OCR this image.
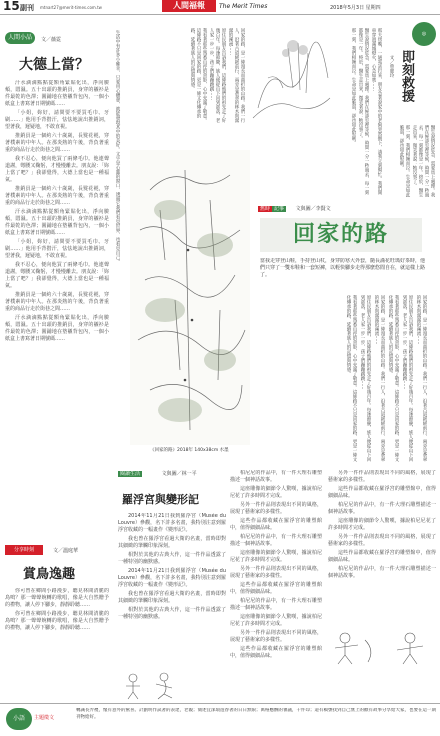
15 副刊 mtnart27@merit-times.com.tw	人間福報	The Merit Times	2018年5月3日 星期四
人間小品	文／薇霓
大德上當？

汗水滴滴點點從額角緊貼化出，淨向臉頰，悶濕。五十出頭的推銷員，身穿的襯衫是件最乾的色澤；圍鋪地在墊襯背包內，一個小紙盒上書寫著日期號碼……

「小姐，妳好，請問要不要買毛巾、牙刷……」他用手背揩汗，怯怯地說出推銷詞，望著我，遲疑地，不敢直視。

推銷員是一個約六十歲歲，長髮花褪，穿著樸素的中年人。在那炎熱的午後，背負著重重的商品行走於街巷之間……

我不忍心，便向他買了兩條毛巾。他連聲道謝，彎腰又鞠躬，才慢慢離去。朋友說：「妳上當了吧？」我卻覺得，大德上當也是一種福氣。

推銷員是一個約六十歲歲，長髮花褪，穿著樸素的中年人。在那炎熱的午後，背負著重重的商品行走於街巷之間……

汗水滴滴點點從額角緊貼化出，淨向臉頰，悶濕。五十出頭的推銷員，身穿的襯衫是件最乾的色澤；圍鋪地在墊襯背包內，一個小紙盒上書寫著日期號碼……

「小姐，妳好，請問要不要買毛巾、牙刷……」他用手背揩汗，怯怯地說出推銷詞，望著我，遲疑地，不敢直視。

我不忍心，便向他買了兩條毛巾。他連聲道謝，彎腰又鞠躬，才慢慢離去。朋友說：「妳上當了吧？」我卻覺得，大德上當也是一種福氣。

推銷員是一個約六十歲歲，長髮花褪，穿著樸素的中年人。在那炎熱的午後，背負著重重的商品行走於街巷之間……

汗水滴滴點點從額角緊貼化出，淨向臉頰，悶濕。五十出頭的推銷員，身穿的襯衫是件最乾的色澤；圍鋪地在墊襯背包內，一個小紙盒上書寫著日期號碼……

分享時刻	文／溫庭華
賞鳥逸趣

你可曾在鄉間小路漫步，聽見林間清脆的鳥鳴？那一聲聲婉轉的歌唱，像是大自然贈予的禮物，讓人停下腳步，靜靜聆聽……

你可曾在鄉間小路漫步，聽見林間清脆的鳥鳴？那一聲聲婉轉的歌唱，像是大自然贈予的禮物，讓人停下腳步，靜靜聆聽……

生活中有許多小確幸，只要用心體會，就能發現其中的美好。文字是心靈的窗口，透過它我們看見世界，也看見自己。	回家的路，是一條漫長而曲折的山路。我們一行人，沿著古道緩緩前行，兩旁是蒼翠的林木與潺潺的溪流……
原住民朋友告訴我們，這條路他們的祖先走了好幾百年。每逢節慶，族人便從山下回到部落，老人家一步一步，孩子們蹦蹦跳跳……
我看著那些熟悉山徑的背影，心中充滿了敬意。這條路不只是回家的路，更是一條文化傳承的路，延續著族人的記憶與情感。
舊時 記事 文與圖／李賢文
回家的路
當我走穿登山鞋，手持登山杖，身穿防寒大外套，隨長滿花旺瑪好茶時，他們只穿了一雙布鞋和一套短褲，以輕快腳步走得那麼悠閒自在，就這樣上路了。
回家的路，是一條漫長而曲折的山路。我們一行人，沿著古道緩緩前行，兩旁是蒼翠的林木與潺潺的溪流……
原住民朋友告訴我們，這條路他們的祖先走了好幾百年。每逢節慶，族人便從山下回到部落，老人家一步一步，孩子們蹦蹦跳跳……
我看著那些熟悉山徑的背影，心中充滿了敬意。這條路不只是回家的路，更是一條文化傳承的路，延續著族人的記憶與情感。
回家的路，是一條漫長而曲折的山路。我們一行人，沿著古道緩緩前行，兩旁是蒼翠的林木與潺潺的溪流……
原住民朋友告訴我們，這條路他們的祖先走了好幾百年。每逢節慶，族人便從山下回到部落，老人家一步一步，孩子們蹦蹦跳跳……
我看著那些熟悉山徑的背影，心中充滿了敬意。這條路不只是回家的路，更是一條文化傳承的路，延續著族人的記憶與情感。
《回家的路》2018年 140x38cm 水墨
◎
即刻救援
文／曾惠玲
那天傍晚，一通電話打來，朋友急著說家中的老狗突然倒下，請我立刻幫忙。我們開車穿過滿城燈火，心急如焚……
醫生說情況危急，需要馬上處理。我們在候診室裡等候，時間一分一秒過去，每一刻都像是一年。終於，醫生走出來，微笑著說：牠沒事了。
那一刻，我們相擁而泣。生命是如此脆弱，卻也如此堅韌。
醫生說情況危急，需要馬上處理。我們在候診室裡等候，時間一分一秒過去，每一刻都像是一年。終於，醫生走出來，微笑著說：牠沒事了。
那一刻，我們相擁而泣。生命是如此脆弱，卻也如此堅韌。
閱讀生活	文與圖／林一平
羅浮宮與變形記

2014年11月21日我到羅浮宮（Musée du Louvre）參觀，名下許多名畫，我特別注意到羅浮宮收藏的一幅畫作《變形記》。

我也曾在羅浮宮看過大衛的名畫，當時即對其細緻的筆觸印象深刻。

相對於其他的古典大作，這一件作品透露了一種特別的幽默感。

2014年11月21日我到羅浮宮（Musée du Louvre）參觀，名下許多名畫，我特別注意到羅浮宮收藏的一幅畫作《變形記》。

我也曾在羅浮宮看過大衛的名畫，當時即對其細緻的筆觸印象深刻。

相對於其他的古典大作，這一件作品透露了一種特別的幽默感。

柏尼尼的作品中，有一件大理石雕塑描述一個神話故事。

這座雕像的細節令人驚嘆，據說柏尼尼花了許多時間才完成。

另外一件作品則表現出不同的風格，展現了藝術家的多樣性。

這些作品都收藏在羅浮宮的雕塑館中，值得細細品味。

柏尼尼的作品中，有一件大理石雕塑描述一個神話故事。

這座雕像的細節令人驚嘆，據說柏尼尼花了許多時間才完成。

另外一件作品則表現出不同的風格，展現了藝術家的多樣性。

這些作品都收藏在羅浮宮的雕塑館中，值得細細品味。

柏尼尼的作品中，有一件大理石雕塑描述一個神話故事。

這座雕像的細節令人驚嘆，據說柏尼尼花了許多時間才完成。

另外一件作品則表現出不同的風格，展現了藝術家的多樣性。

這些作品都收藏在羅浮宮的雕塑館中，值得細細品味。

另外一件作品則表現出不同的風格，展現了藝術家的多樣性。

這些作品都收藏在羅浮宮的雕塑館中，值得細細品味。

柏尼尼的作品中，有一件大理石雕塑描述一個神話故事。

這座雕像的細節令人驚嘆，據說柏尼尼花了許多時間才完成。

另外一件作品則表現出不同的風格，展現了藝術家的多樣性。

這些作品都收藏在羅浮宮的雕塑館中，值得細細品味。

柏尼尼的作品中，有一件大理石雕塑描述一個神話故事。

小語	主題徵文
轉識長弄禮，懷有意外的驚喜。計劃明作試著的表達，老親；簡述宜深環遊春著的日日無限；萬格應酬的審議，千件印；還有稿號找到自己無上的歡有故事分享給大家，也要在這一期刊物給好。
